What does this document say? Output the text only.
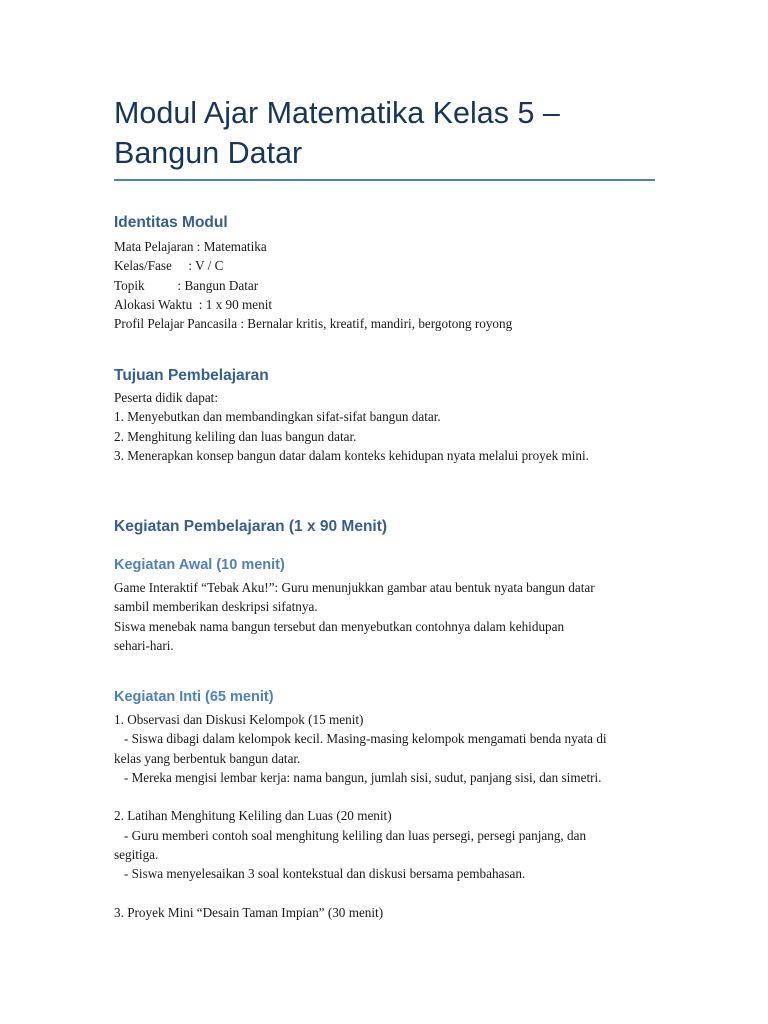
Modul Ajar Matematika Kelas 5 –
Bangun Datar
Identitas Modul
Mata Pelajaran : Matematika
Kelas/Fase     : V / C
Topik          : Bangun Datar
Alokasi Waktu  : 1 x 90 menit
Profil Pelajar Pancasila : Bernalar kritis, kreatif, mandiri, bergotong royong
Tujuan Pembelajaran
Peserta didik dapat:
1. Menyebutkan dan membandingkan sifat-sifat bangun datar.
2. Menghitung keliling dan luas bangun datar.
3. Menerapkan konsep bangun datar dalam konteks kehidupan nyata melalui proyek mini.
Kegiatan Pembelajaran (1 x 90 Menit)
Kegiatan Awal (10 menit)
Game Interaktif “Tebak Aku!”: Guru menunjukkan gambar atau bentuk nyata bangun datar
sambil memberikan deskripsi sifatnya.
Siswa menebak nama bangun tersebut dan menyebutkan contohnya dalam kehidupan
sehari-hari.
Kegiatan Inti (65 menit)
1. Observasi dan Diskusi Kelompok (15 menit)
- Siswa dibagi dalam kelompok kecil. Masing-masing kelompok mengamati benda nyata di
kelas yang berbentuk bangun datar.
- Mereka mengisi lembar kerja: nama bangun, jumlah sisi, sudut, panjang sisi, dan simetri.
2. Latihan Menghitung Keliling dan Luas (20 menit)
- Guru memberi contoh soal menghitung keliling dan luas persegi, persegi panjang, dan
segitiga.
- Siswa menyelesaikan 3 soal kontekstual dan diskusi bersama pembahasan.
3. Proyek Mini “Desain Taman Impian” (30 menit)
